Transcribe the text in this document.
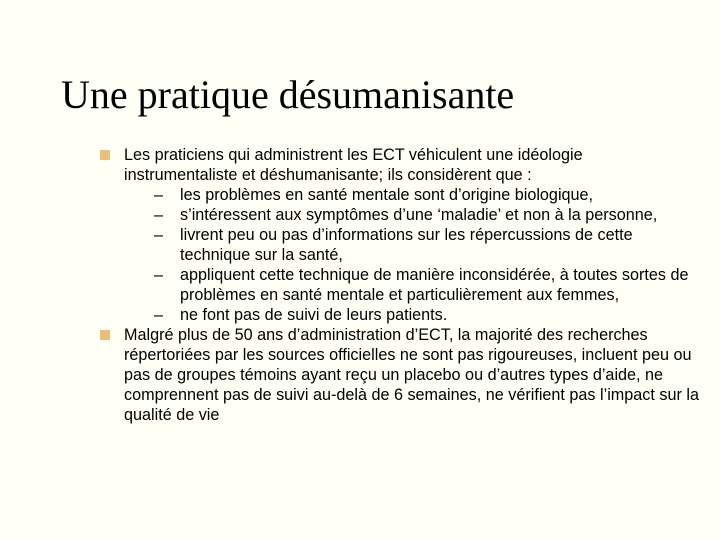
Une pratique désumanisante
Les praticiens qui administrent les ECT véhiculent une idéologie instrumentaliste et déshumanisante; ils considèrent que :
– les problèmes en santé mentale sont d’origine biologique,
– s’intéressent aux symptômes d’une ‘maladie’ et non à la personne,
– livrent peu ou pas d’informations sur les répercussions de cette technique sur la santé,
– appliquent cette technique de manière inconsidérée, à toutes sortes de problèmes en santé mentale et particulièrement aux femmes,
– ne font pas de suivi de leurs patients.
Malgré plus de 50 ans d’administration d’ECT, la majorité des recherches répertoriées par les sources officielles ne sont pas rigoureuses, incluent peu ou pas de groupes témoins ayant reçu un placebo ou d’autres types d’aide, ne comprennent pas de suivi au-delà de 6 semaines, ne vérifient pas l’impact sur la qualité de vie
